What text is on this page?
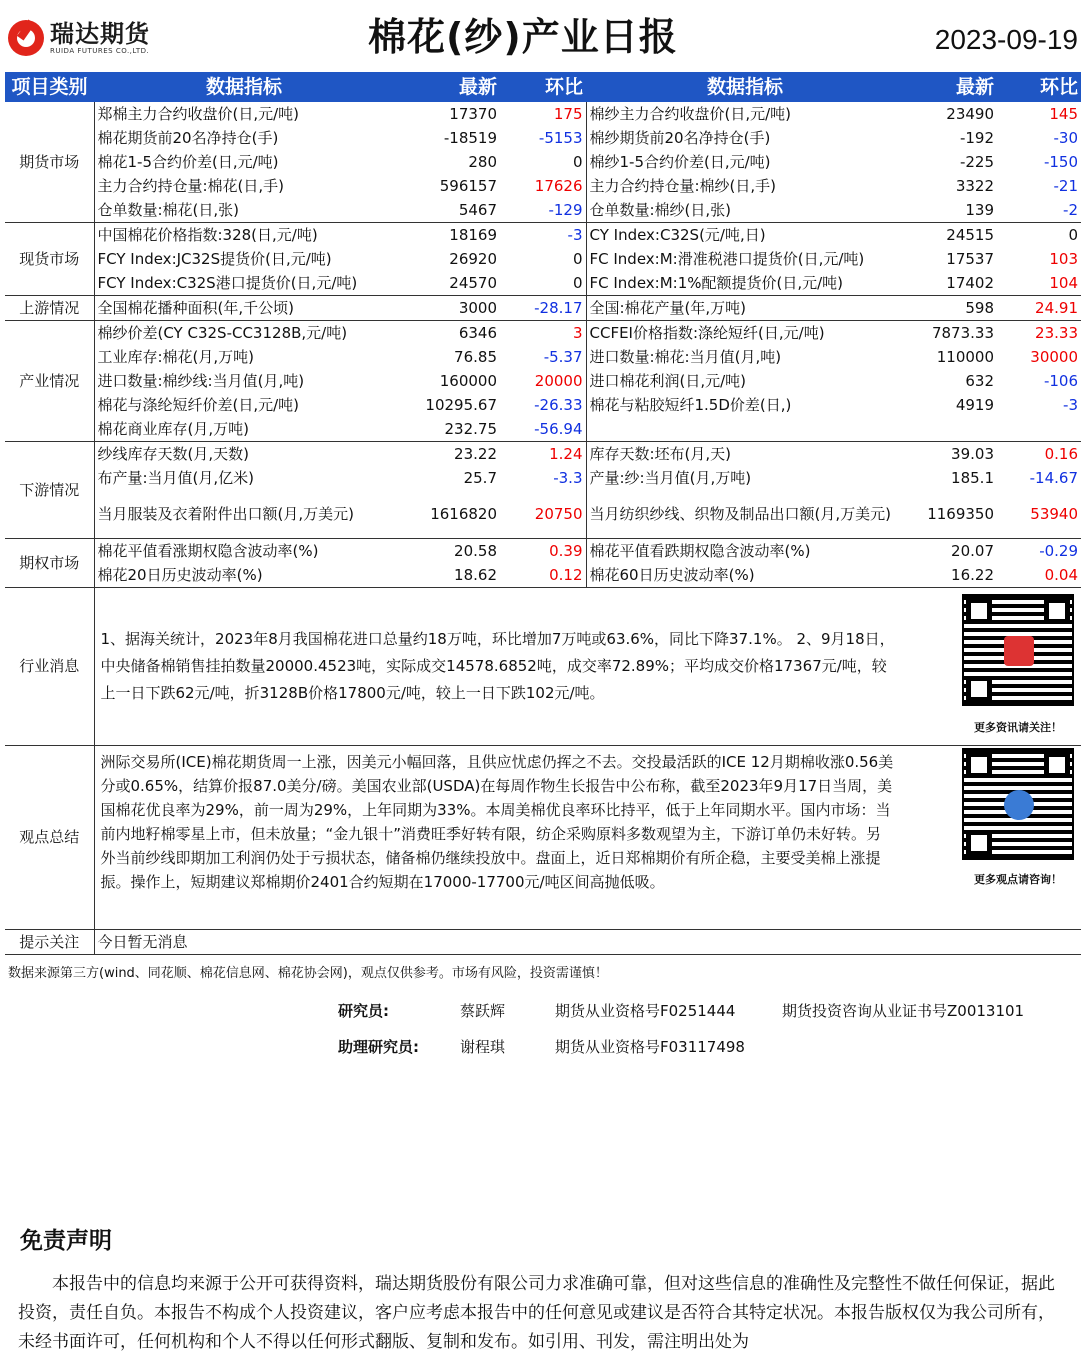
瑞达期货
RUIDA FUTURES CO.,LTD.	棉花(纱)产业日报	2023-09-19
项目类别	数据指标	最新	环比	数据指标	最新	环比
期货市场	郑棉主力合约收盘价(日,元/吨)	17370	175	棉纱主力合约收盘价(日,元/吨)	23490	145
	棉花期货前20名净持仓(手)	-18519	-5153	棉纱期货前20名净持仓(手)	-192	-30
	棉花1-5合约价差(日,元/吨)	280	0	棉纱1-5合约价差(日,元/吨)	-225	-150
	主力合约持仓量:棉花(日,手)	596157	17626	主力合约持仓量:棉纱(日,手)	3322	-21
	仓单数量:棉花(日,张)	5467	-129	仓单数量:棉纱(日,张)	139	-2
现货市场	中国棉花价格指数:328(日,元/吨)	18169	-3	CY Index:C32S(元/吨,日)	24515	0
	FCY Index:JC32S提货价(日,元/吨)	26920	0	FC Index:M:滑准税港口提货价(日,元/吨)	17537	103
	FCY Index:C32S港口提货价(日,元/吨)	24570	0	FC Index:M:1%配额提货价(日,元/吨)	17402	104
上游情况	全国棉花播种面积(年,千公顷)	3000	-28.17	全国:棉花产量(年,万吨)	598	24.91
产业情况	棉纱价差(CY C32S-CC3128B,元/吨)	6346	3	CCFEI价格指数:涤纶短纤(日,元/吨)	7873.33	23.33
	工业库存:棉花(月,万吨)	76.85	-5.37	进口数量:棉花:当月值(月,吨)	110000	30000
	进口数量:棉纱线:当月值(月,吨)	160000	20000	进口棉花利润(日,元/吨)	632	-106
	棉花与涤纶短纤价差(日,元/吨)	10295.67	-26.33	棉花与粘胶短纤1.5D价差(日,)	4919	-3
	棉花商业库存(月,万吨)	232.75	-56.94			
下游情况	纱线库存天数(月,天数)	23.22	1.24	库存天数:坯布(月,天)	39.03	0.16
	布产量:当月值(月,亿米)	25.7	-3.3	产量:纱:当月值(月,万吨)	185.1	-14.67
	当月服装及衣着附件出口额(月,万美元)	1616820	20750	当月纺织纱线、织物及制品出口额(月,万美元)	1169350	53940
期权市场	棉花平值看涨期权隐含波动率(%)	20.58	0.39	棉花平值看跌期权隐含波动率(%)	20.07	-0.29
	棉花20日历史波动率(%)	18.62	0.12	棉花60日历史波动率(%)	16.22	0.04
行业消息	1、据海关统计，2023年8月我国棉花进口总量约18万吨，环比增加7万吨或63.6%，同比下降37.1%。 2、9月18日，中央储备棉销售挂拍数量20000.4523吨，实际成交14578.6852吨，成交率72.89%；平均成交价格17367元/吨，较上一日下跌62元/吨，折3128B价格17800元/吨，较上一日下跌102元/吨。
更多资讯请关注！					

观点总结	洲际交易所(ICE)棉花期货周一上涨，因美元小幅回落，且供应忧虑仍挥之不去。交投最活跃的ICE 12月期棉收涨0.56美分或0.65%，结算价报87.0美分/磅。美国农业部(USDA)在每周作物生长报告中公布称，截至2023年9月17日当周，美国棉花优良率为29%，前一周为29%，上年同期为33%。本周美棉优良率环比持平，低于上年同期水平。国内市场：当前内地籽棉零星上市，但未放量；“金九银十”消费旺季好转有限，纺企采购原料多数观望为主，下游订单仍未好转。另外当前纱线即期加工利润仍处于亏损状态，储备棉仍继续投放中。盘面上，近日郑棉期价有所企稳，主要受美棉上涨提振。操作上，短期建议郑棉期价2401合约短期在17000-17700元/吨区间高抛低吸。 更多观点请咨询！					

提示关注	今日暂无消息					
数据来源第三方(wind、同花顺、棉花信息网、棉花协会网)，观点仅供参考。市场有风险，投资需谨慎！
研究员:	蔡跃辉	期货从业资格号F0251444	期货投资咨询从业证书号Z0013101
助理研究员:	谢程琪	期货从业资格号F03117498
免责声明
本报告中的信息均来源于公开可获得资料，瑞达期货股份有限公司力求准确可靠，但对这些信息的准确性及完整性不做任何保证，据此投资，责任自负。本报告不构成个人投资建议，客户应考虑本报告中的任何意见或建议是否符合其特定状况。本报告版权仅为我公司所有，未经书面许可，任何机构和个人不得以任何形式翻版、复制和发布。如引用、刊发，需注明出处为
